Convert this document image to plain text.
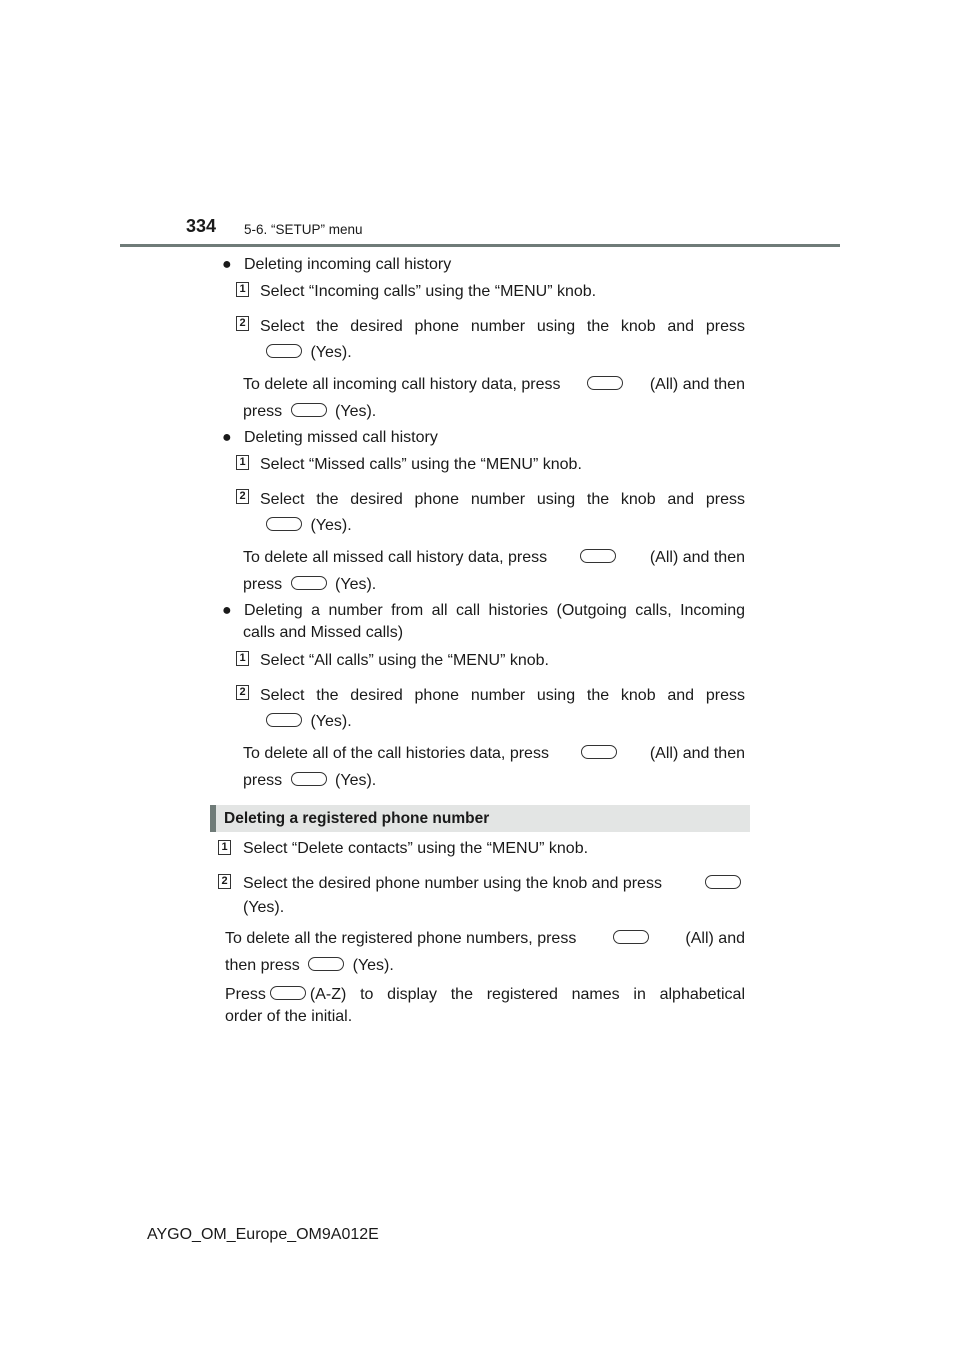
334 5-6. “SETUP” menu
● Deleting incoming call history
1 Select “Incoming calls” using the “MENU” knob.
2 Select the desired phone number using the knob and press
(Yes).
To delete all incoming call history data, press	(All) and then
press	(Yes).
● Deleting missed call history
1 Select “Missed calls” using the “MENU” knob.
2 Select the desired phone number using the knob and press
(Yes).
To delete all missed call history data, press	(All) and then
press	(Yes).
● Deleting a number from all call histories (Outgoing calls, Incoming
calls and Missed calls)
1 Select “All calls” using the “MENU” knob.
2 Select the desired phone number using the knob and press
(Yes).
To delete all of the call histories data, press	(All) and then
press	(Yes).
Deleting a registered phone number
1 Select “Delete contacts” using the “MENU” knob.
2 Select the desired phone number using the knob and press
(Yes).
To delete all the registered phone numbers, press	(All) and
then press	(Yes).
Press	(A-Z) to display the registered names in alphabetical
order of the initial.
AYGO_OM_Europe_OM9A012E
